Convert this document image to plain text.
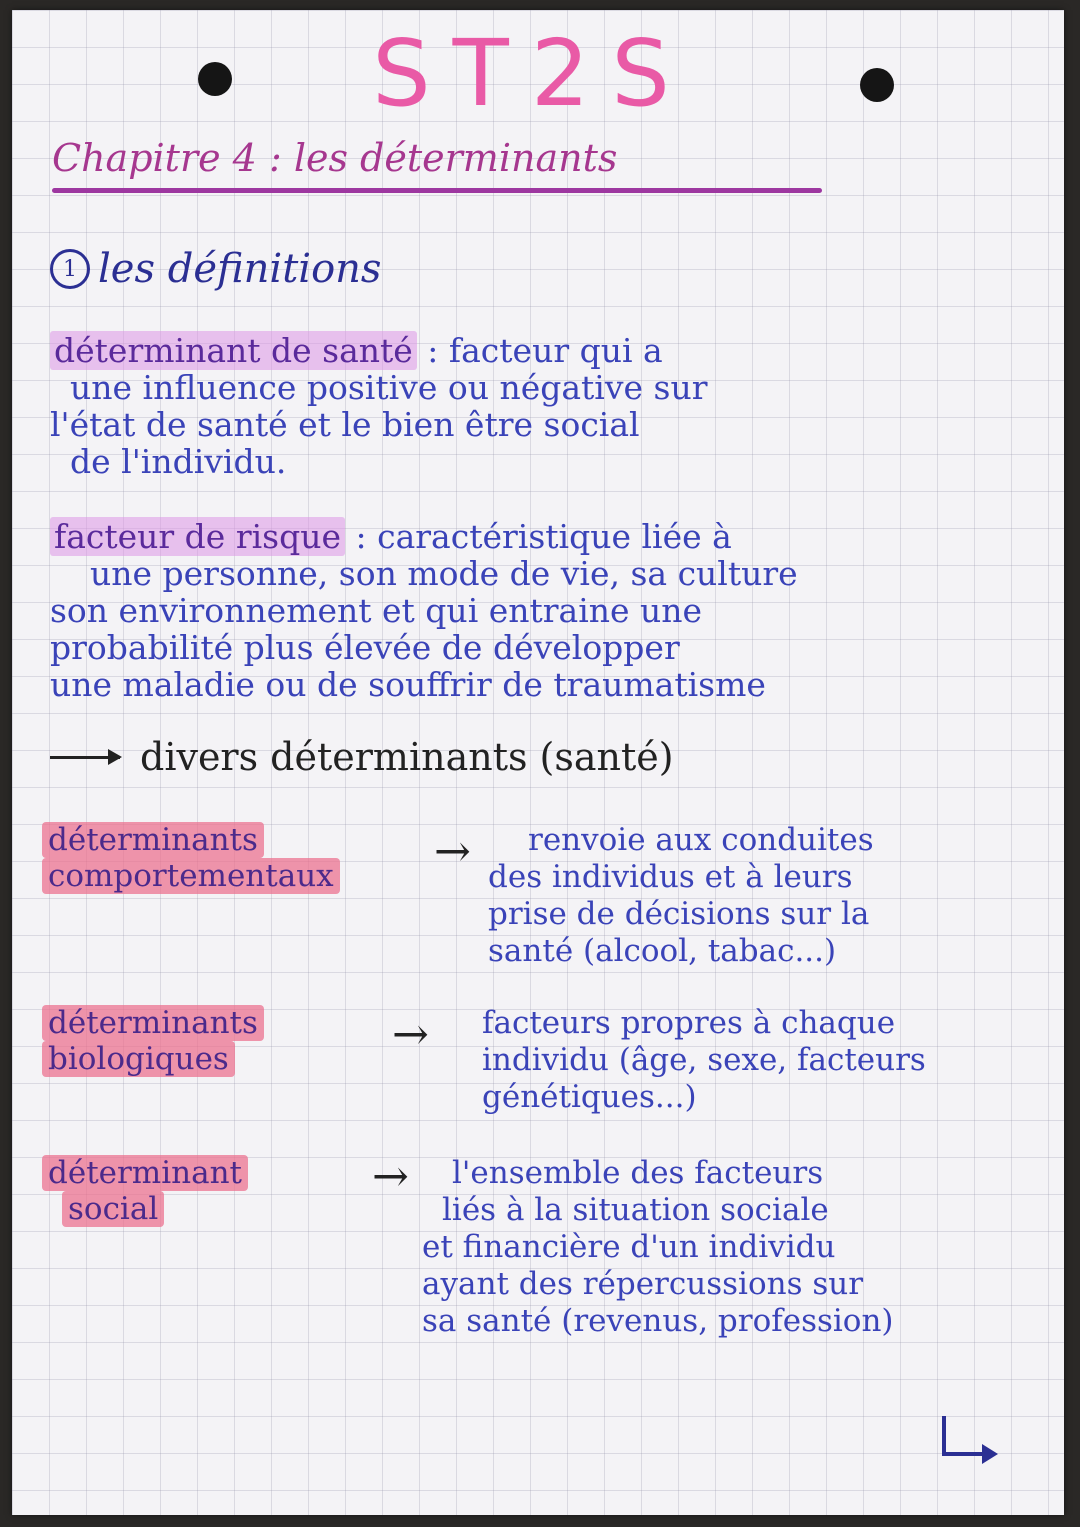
ST2S
Chapitre 4 : les déterminants
1 les définitions
déterminant de santé : facteur qui a
une influence positive ou négative sur
l'état de santé et le bien être social
de l'individu.
facteur de risque : caractéristique liée à
une personne, son mode de vie, sa culture
son environnement et qui entraine une
probabilité plus élevée de développer
une maladie ou de souffrir de traumatisme
divers déterminants (santé)
déterminants
comportementaux →	renvoie aux conduites
des individus et à leurs
prise de décisions sur la
santé (alcool, tabac...)
déterminants
biologiques	→ facteurs propres à chaque
individu (âge, sexe, facteurs
génétiques...)
déterminant
social
→	l'ensemble des facteurs
liés à la situation sociale
et financière d'un individu
ayant des répercussions sur
sa santé (revenus, profession)
